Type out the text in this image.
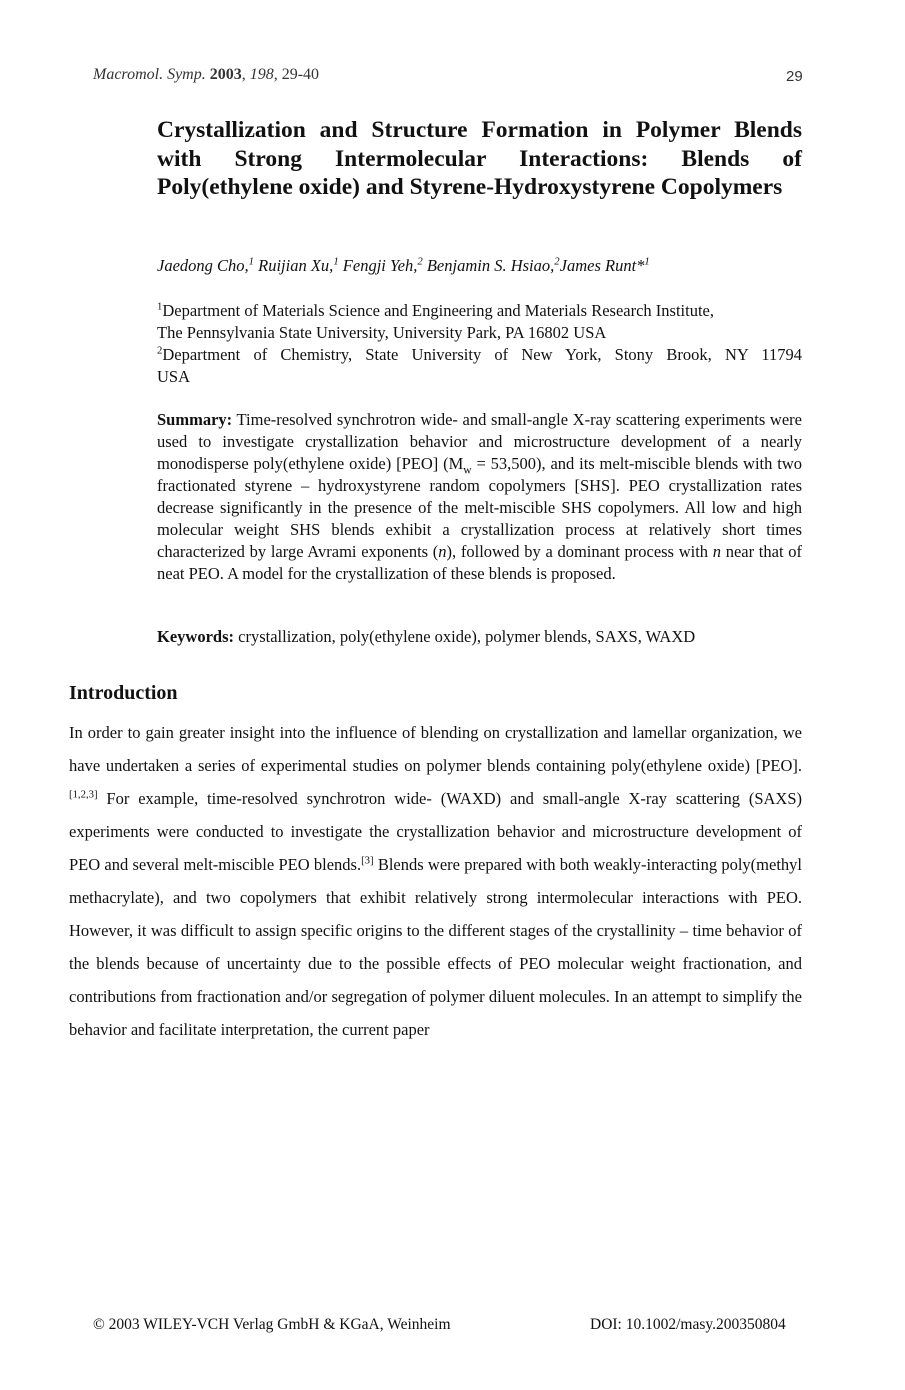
Macromol. Symp. 2003, 198, 29-40	29
Crystallization and Structure Formation in Polymer Blends with Strong Intermolecular Interactions: Blends of Poly(ethylene oxide) and Styrene-Hydroxystyrene Copolymers
Jaedong Cho,$^1$ Ruijian Xu,$^1$ Fengji Yeh,$^2$ Benjamin S. Hsiao,$^2$James Runt*$^1$
$^1$Department of Materials Science and Engineering and Materials Research Institute,
The Pennsylvania State University, University Park, PA 16802 USA
$^2$Department of Chemistry, State University of New York, Stony Brook, NY 11794
USA
Summary: Time-resolved synchrotron wide- and small-angle X-ray scattering experiments were used to investigate crystallization behavior and microstructure development of a nearly monodisperse poly(ethylene oxide) [PEO] $(M_w = 53,500)$, and its melt-miscible blends with two fractionated styrene – hydroxystyrene random copolymers [SHS]. PEO crystallization rates decrease significantly in the presence of the melt-miscible SHS copolymers. All low and high molecular weight SHS blends exhibit a crystallization process at relatively short times characterized by large Avrami exponents (n), followed by a dominant process with n near that of neat PEO. A model for the crystallization of these blends is proposed.
Keywords: crystallization, poly(ethylene oxide), polymer blends, SAXS, WAXD
Introduction
In order to gain greater insight into the influence of blending on crystallization and lamellar organization, we have undertaken a series of experimental studies on polymer blends containing poly(ethylene oxide) [PEO].[1,2,3] For example, time-resolved synchrotron wide- (WAXD) and small-angle X-ray scattering (SAXS) experiments were conducted to investigate the crystallization behavior and microstructure development of PEO and several melt-miscible PEO blends.[3] Blends were prepared with both weakly-interacting poly(methyl methacrylate), and two copolymers that exhibit relatively strong intermolecular interactions with PEO. However, it was difficult to assign specific origins to the different stages of the crystallinity – time behavior of the blends because of uncertainty due to the possible effects of PEO molecular weight fractionation, and contributions from fractionation and/or segregation of polymer diluent molecules. In an attempt to simplify the behavior and facilitate interpretation, the current paper
© 2003 WILEY-VCH Verlag GmbH & KGaA, Weinheim	DOI: 10.1002/masy.200350804
